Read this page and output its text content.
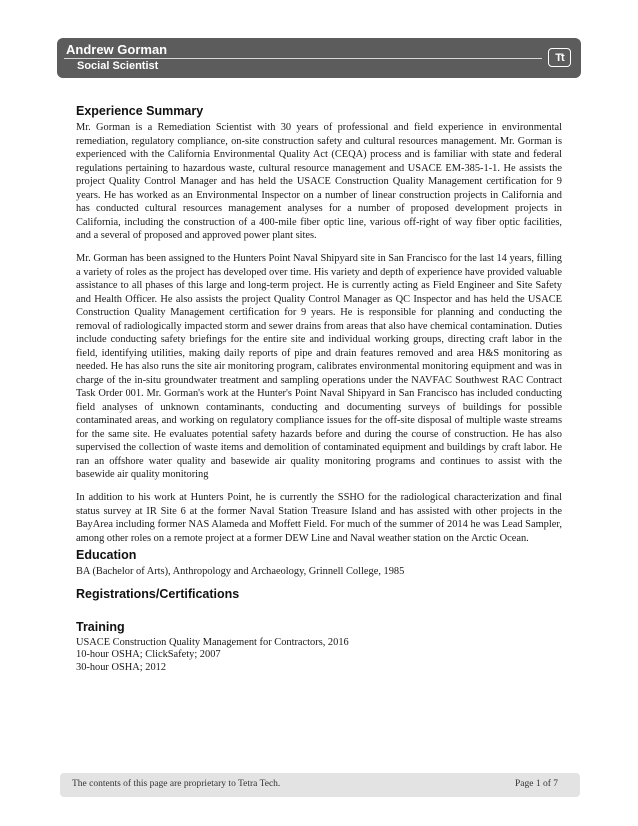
Andrew Gorman
Social Scientist
Tt
Experience Summary

Mr. Gorman is a Remediation Scientist with 30 years of professional and field experience in environmental remediation, regulatory compliance, on-site construction safety and cultural resources management. Mr. Gorman is experienced with the California Environmental Quality Act (CEQA) process and is familiar with state and federal regulations pertaining to hazardous waste, cultural resource management and USACE EM-385-1-1. He assists the project Quality Control Manager and has held the USACE Construction Quality Management certification for 9 years. He has worked as an Environmental Inspector on a number of linear construction projects in California and has conducted cultural resources management analyses for a number of proposed development projects in California, including the construction of a 400-mile fiber optic line, various off-right of way fiber optic facilities, and a several of proposed and approved power plant sites.

Mr. Gorman has been assigned to the Hunters Point Naval Shipyard site in San Francisco for the last 14 years, filling a variety of roles as the project has developed over time. His variety and depth of experience have provided valuable assistance to all phases of this large and long-term project. He is currently acting as Field Engineer and Site Safety and Health Officer. He also assists the project Quality Control Manager as QC Inspector and has held the USACE Construction Quality Management certification for 9 years. He is responsible for planning and conducting the removal of radiologically impacted storm and sewer drains from areas that also have chemical contamination. Duties include conducting safety briefings for the entire site and individual working groups, directing craft labor in the field, identifying utilities, making daily reports of pipe and drain features removed and area H&S monitoring as needed. He has also runs the site air monitoring program, calibrates environmental monitoring equipment and was in charge of the in-situ groundwater treatment and sampling operations under the NAVFAC Southwest RAC Contract Task Order 001. Mr. Gorman's work at the Hunter's Point Naval Shipyard in San Francisco has included conducting field analyses of unknown contaminants, conducting and documenting surveys of buildings for possible contaminated areas, and working on regulatory compliance issues for the off-site disposal of multiple waste streams for the same site. He evaluates potential safety hazards before and during the course of construction. He has also supervised the collection of waste items and demolition of contaminated equipment and buildings by craft labor. He ran an offshore water quality and basewide air quality monitoring programs and continues to assist with the basewide air quality monitoring

In addition to his work at Hunters Point, he is currently the SSHO for the radiological characterization and final status survey at IR Site 6 at the former Naval Station Treasure Island and has assisted with other projects in the BayArea including former NAS Alameda and Moffett Field. For much of the summer of 2014 he was Lead Sampler, among other roles on a remote project at a former DEW Line and Naval weather station on the Arctic Ocean.

Education

BA (Bachelor of Arts), Anthropology and Archaeology, Grinnell College, 1985

Registrations/Certifications
Training
USACE Construction Quality Management for Contractors, 2016
10-hour OSHA; ClickSafety; 2007
30-hour OSHA; 2012
The contents of this page are proprietary to Tetra Tech.	Page 1 of 7
